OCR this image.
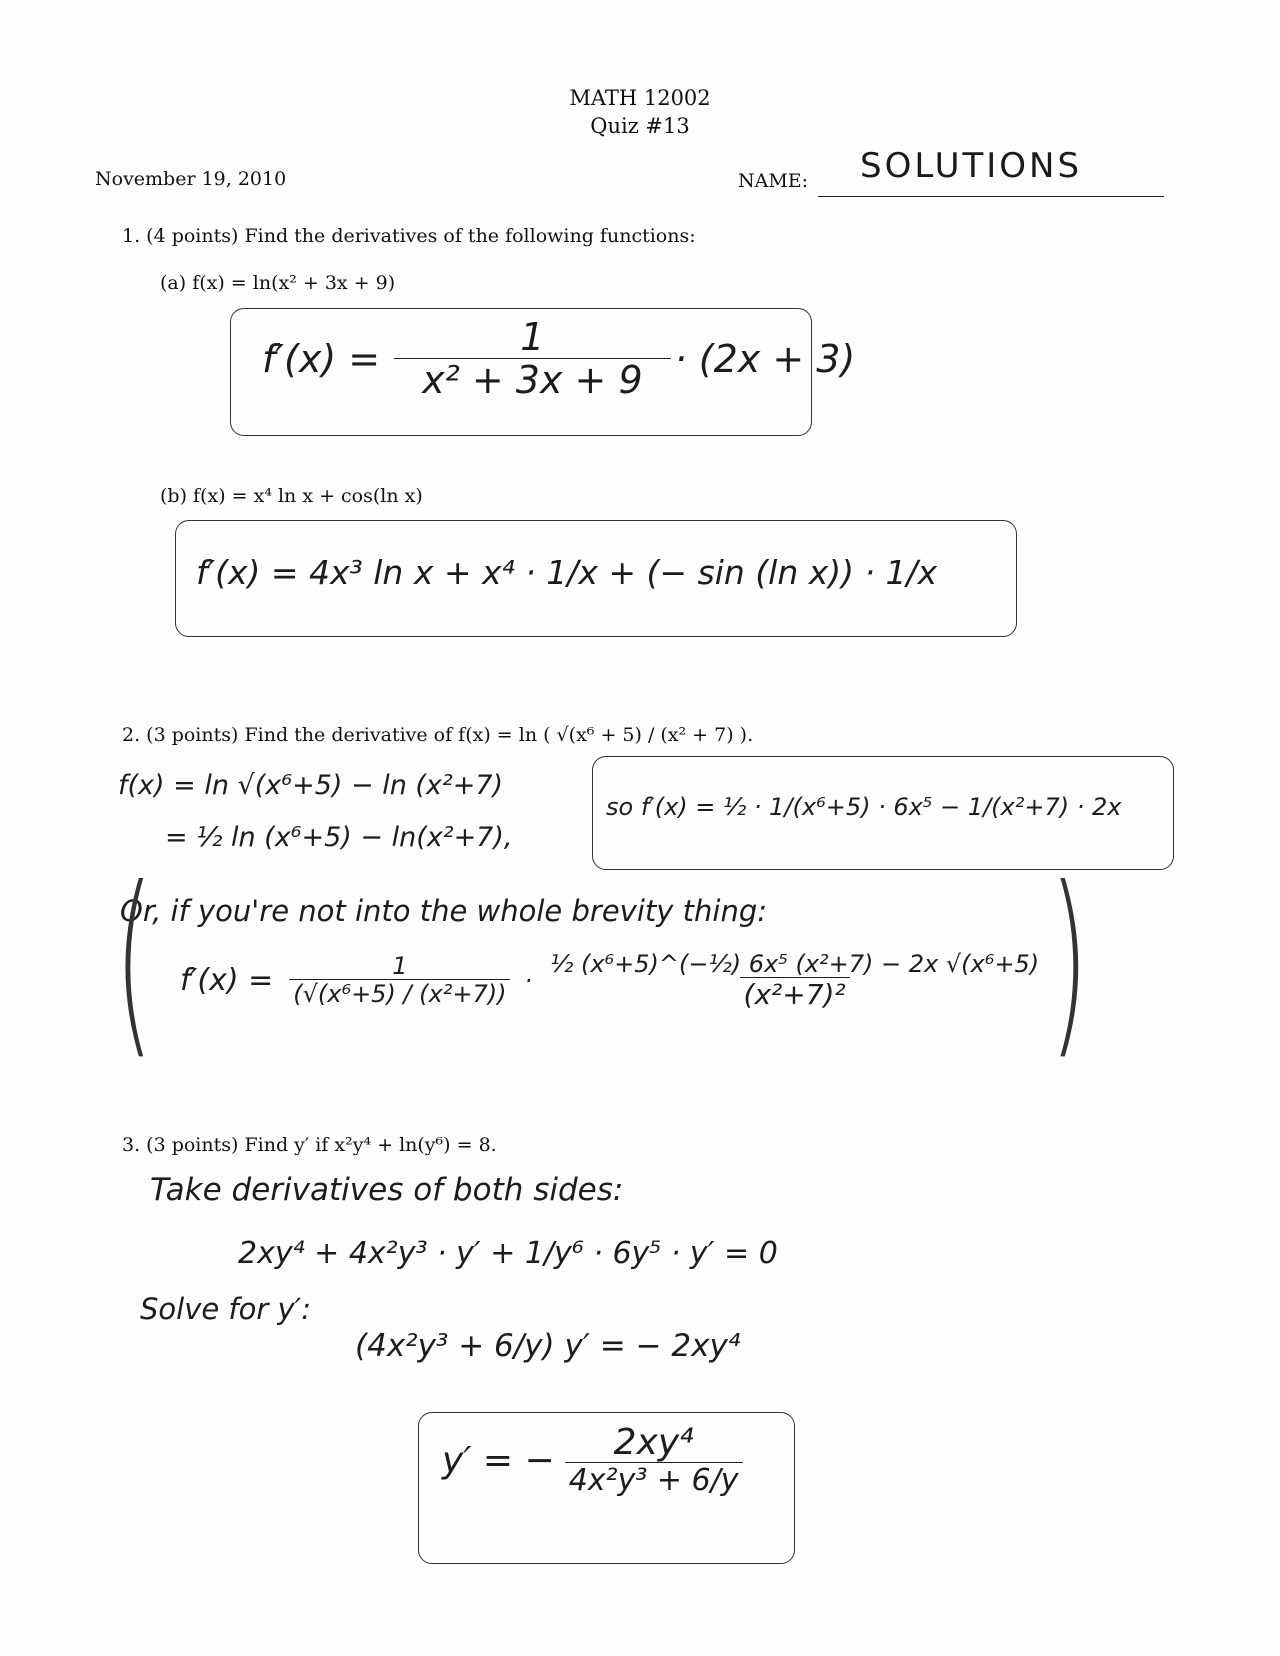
MATH 12002
Quiz #13
November 19, 2010	NAME: SOLUTIONS
1. (4 points) Find the derivatives of the following functions:
(a) f(x) = ln(x² + 3x + 9)
$f'(x) = \frac{1}{\text{x² + 3x + 9}} \cdot (2x + 3)$
(b) f(x) = x⁴ ln x + cos(ln x)
f′(x) = 4x³ ln x + x⁴ · 1/x + (− sin (ln x)) · 1/x
2. (3 points) Find the derivative of f(x) = ln ( √(x⁶ + 5) / (x² + 7) ).
f(x) = ln √(x⁶+5) − ln (x²+7)
= ½ ln (x⁶+5) − ln(x²+7),
so f′(x) = ½ · 1/(x⁶+5) · 6x⁵ − 1/(x²+7) · 2x
Or, if you're not into the whole brevity thing:
(	)
$f'(x) = \frac{1}{\text{(√(x⁶+5) / (x²+7))}} \cdot \frac{\text{½ (x⁶+5)\textasciicircum{}(−½) 6x⁵ (x²+7) − 2x √(x⁶+5)}}{\text{(x²+7)²}}$
3. (3 points) Find y′ if x²y⁴ + ln(y⁶) = 8.
Take derivatives of both sides:
2xy⁴ + 4x²y³ · y′ + 1/y⁶ · 6y⁵ · y′ = 0
Solve for y′:
(4x²y³ + 6/y) y′ = − 2xy⁴
y′ = − $\frac{\text{2xy⁴}}{\text{4x²y³ + 6/y}}$
